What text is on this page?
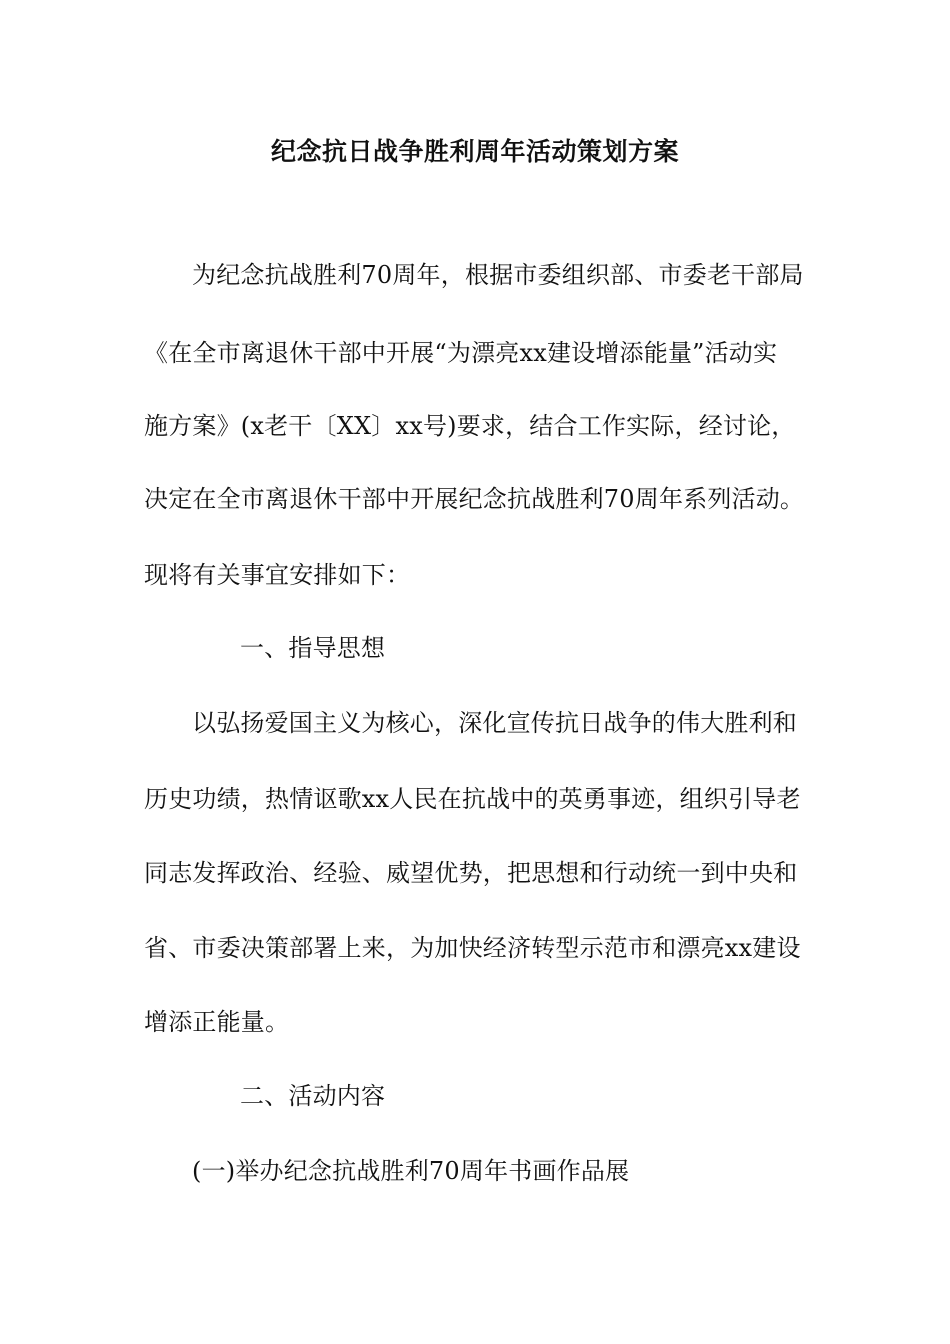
纪念抗日战争胜利周年活动策划方案
为纪念抗战胜利70周年，根据市委组织部、市委老干部局
《在全市离退休干部中开展“为漂亮xx建设增添能量”活动实
施方案》(x老干〔XX〕xx号)要求，结合工作实际，经讨论，
决定在全市离退休干部中开展纪念抗战胜利70周年系列活动。
现将有关事宜安排如下：
一、指导思想
以弘扬爱国主义为核心，深化宣传抗日战争的伟大胜利和
历史功绩，热情讴歌xx人民在抗战中的英勇事迹，组织引导老
同志发挥政治、经验、威望优势，把思想和行动统一到中央和
省、市委决策部署上来，为加快经济转型示范市和漂亮xx建设
增添正能量。
二、活动内容
(一)举办纪念抗战胜利70周年书画作品展
